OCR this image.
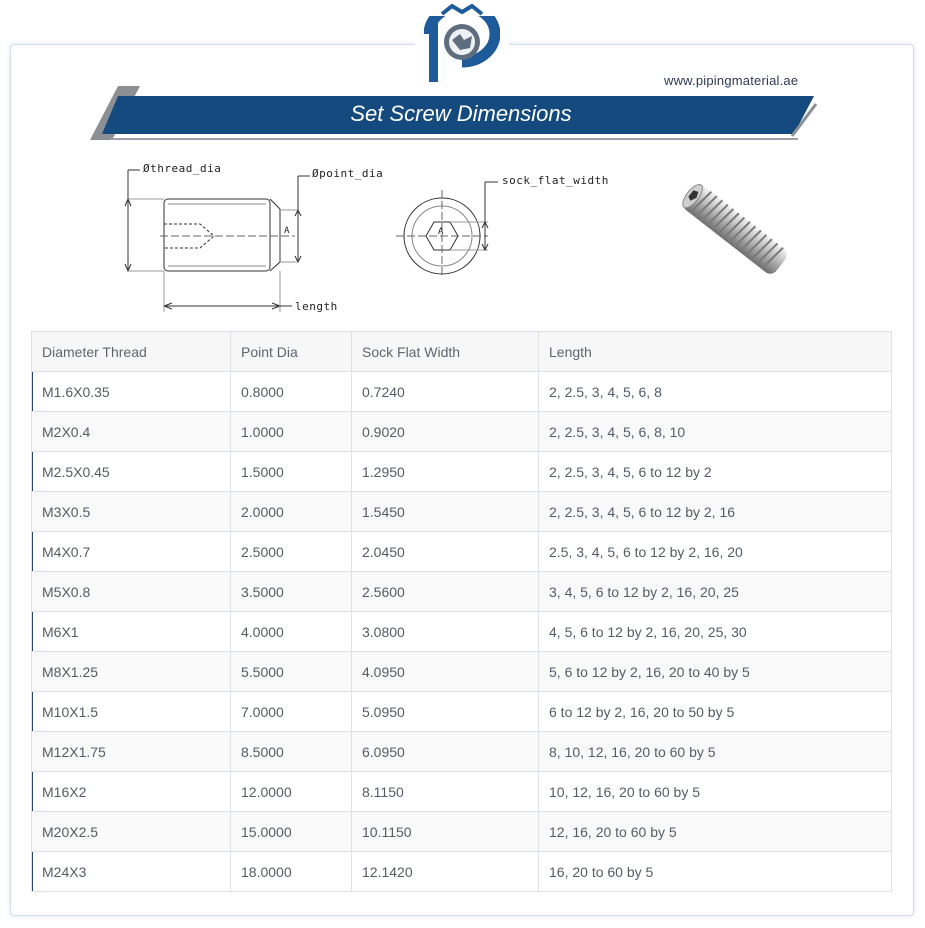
www.pipingmaterial.ae
Set Screw Dimensions
Øthread_dia	Øpoint_dia
length
A
sock_flat_width
A
Diameter Thread	Point Dia	Sock Flat Width	Length
M1.6X0.35	0.8000	0.7240	2, 2.5, 3, 4, 5, 6, 8
M2X0.4	1.0000	0.9020	2, 2.5, 3, 4, 5, 6, 8, 10
M2.5X0.45	1.5000	1.2950	2, 2.5, 3, 4, 5, 6 to 12 by 2
M3X0.5	2.0000	1.5450	2, 2.5, 3, 4, 5, 6 to 12 by 2, 16
M4X0.7	2.5000	2.0450	2.5, 3, 4, 5, 6 to 12 by 2, 16, 20
M5X0.8	3.5000	2.5600	3, 4, 5, 6 to 12 by 2, 16, 20, 25
M6X1	4.0000	3.0800	4, 5, 6 to 12 by 2, 16, 20, 25, 30
M8X1.25	5.5000	4.0950	5, 6 to 12 by 2, 16, 20 to 40 by 5
M10X1.5	7.0000	5.0950	6 to 12 by 2, 16, 20 to 50 by 5
M12X1.75	8.5000	6.0950	8, 10, 12, 16, 20 to 60 by 5
M16X2	12.0000	8.1150	10, 12, 16, 20 to 60 by 5
M20X2.5	15.0000	10.1150	12, 16, 20 to 60 by 5
M24X3	18.0000	12.1420	16, 20 to 60 by 5
